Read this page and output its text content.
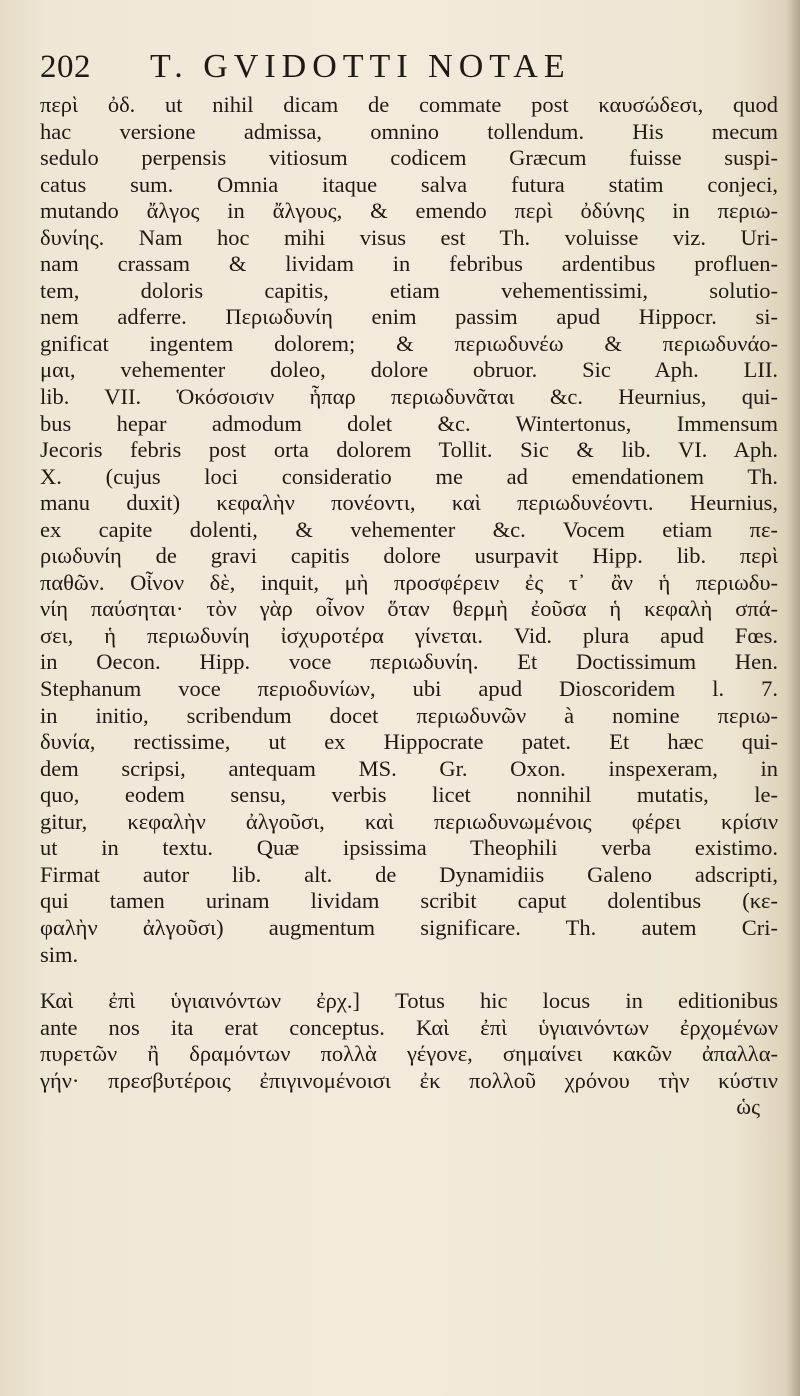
202	T. GVIDOTTI NOTAE
περὶ ὀδ. ut nihil dicam de commate post καυσώδεσι, quod
hac versione admissa, omnino tollendum. His mecum
sedulo perpensis vitiosum codicem Græcum fuisse suspi-
catus sum. Omnia itaque salva futura statim conjeci,
mutando ἄλγος in ἄλγους, & emendo περὶ ὀδύνης in περιω-
δυνίης. Nam hoc mihi visus est Th. voluisse viz. Uri-
nam crassam & lividam in febribus ardentibus profluen-
tem, doloris capitis, etiam vehementissimi, solutio-
nem adferre. Περιωδυνίη enim passim apud Hippocr. si-
gnificat ingentem dolorem; & περιωδυνέω & περιωδυνάο-
μαι, vehementer doleo, dolore obruor. Sic Aph. LII.
lib. VII. Ὁκόσοισιν ἧπαρ περιωδυνᾶται &c. Heurnius, qui-
bus hepar admodum dolet &c. Wintertonus, Immensum
Jecoris febris post orta dolorem Tollit. Sic & lib. VI. Aph.
X. (cujus loci consideratio me ad emendationem Th.
manu duxit) κεφαλὴν πονέοντι, καὶ περιωδυνέοντι. Heurnius,
ex capite dolenti, & vehementer &c. Vocem etiam πε-
ριωδυνίη de gravi capitis dolore usurpavit Hipp. lib. περὶ
παθῶν. Οἶνον δὲ, inquit, μὴ προσφέρειν ἐς τ᾽ ἂν ἡ περιωδυ-
νίη παύσηται· τὸν γὰρ οἶνον ὅταν θερμὴ ἐοῦσα ἡ κεφαλὴ σπά-
σει, ἡ περιωδυνίη ἰσχυροτέρα γίνεται. Vid. plura apud Fœs.
in Oecon. Hipp. voce περιωδυνίη. Et Doctissimum Hen.
Stephanum voce περιοδυνίων, ubi apud Dioscoridem l. 7.
in initio, scribendum docet περιωδυνῶν à nomine περιω-
δυνία, rectissime, ut ex Hippocrate patet. Et hæc qui-
dem scripsi, antequam MS. Gr. Oxon. inspexeram, in
quo, eodem sensu, verbis licet nonnihil mutatis, le-
gitur, κεφαλὴν ἀλγοῦσι, καὶ περιωδυνωμένοις φέρει κρίσιν
ut in textu. Quæ ipsissima Theophili verba existimo.
Firmat autor lib. alt. de Dynamidiis Galeno adscripti,
qui tamen urinam lividam scribit caput dolentibus (κε-
φαλὴν ἀλγοῦσι) augmentum significare. Th. autem Cri-
sim.
Καὶ ἐπὶ ὑγιαινόντων ἐρχ.] Totus hic locus in editionibus
ante nos ita erat conceptus. Καὶ ἐπὶ ὑγιαινόντων ἐρχομένων
πυρετῶν ἢ δραμόντων πολλὰ γέγονε, σημαίνει κακῶν ἀπαλλα-
γήν· πρεσβυτέροις ἐπιγινομένοισι ἐκ πολλοῦ χρόνου τὴν κύστιν
ὡς
